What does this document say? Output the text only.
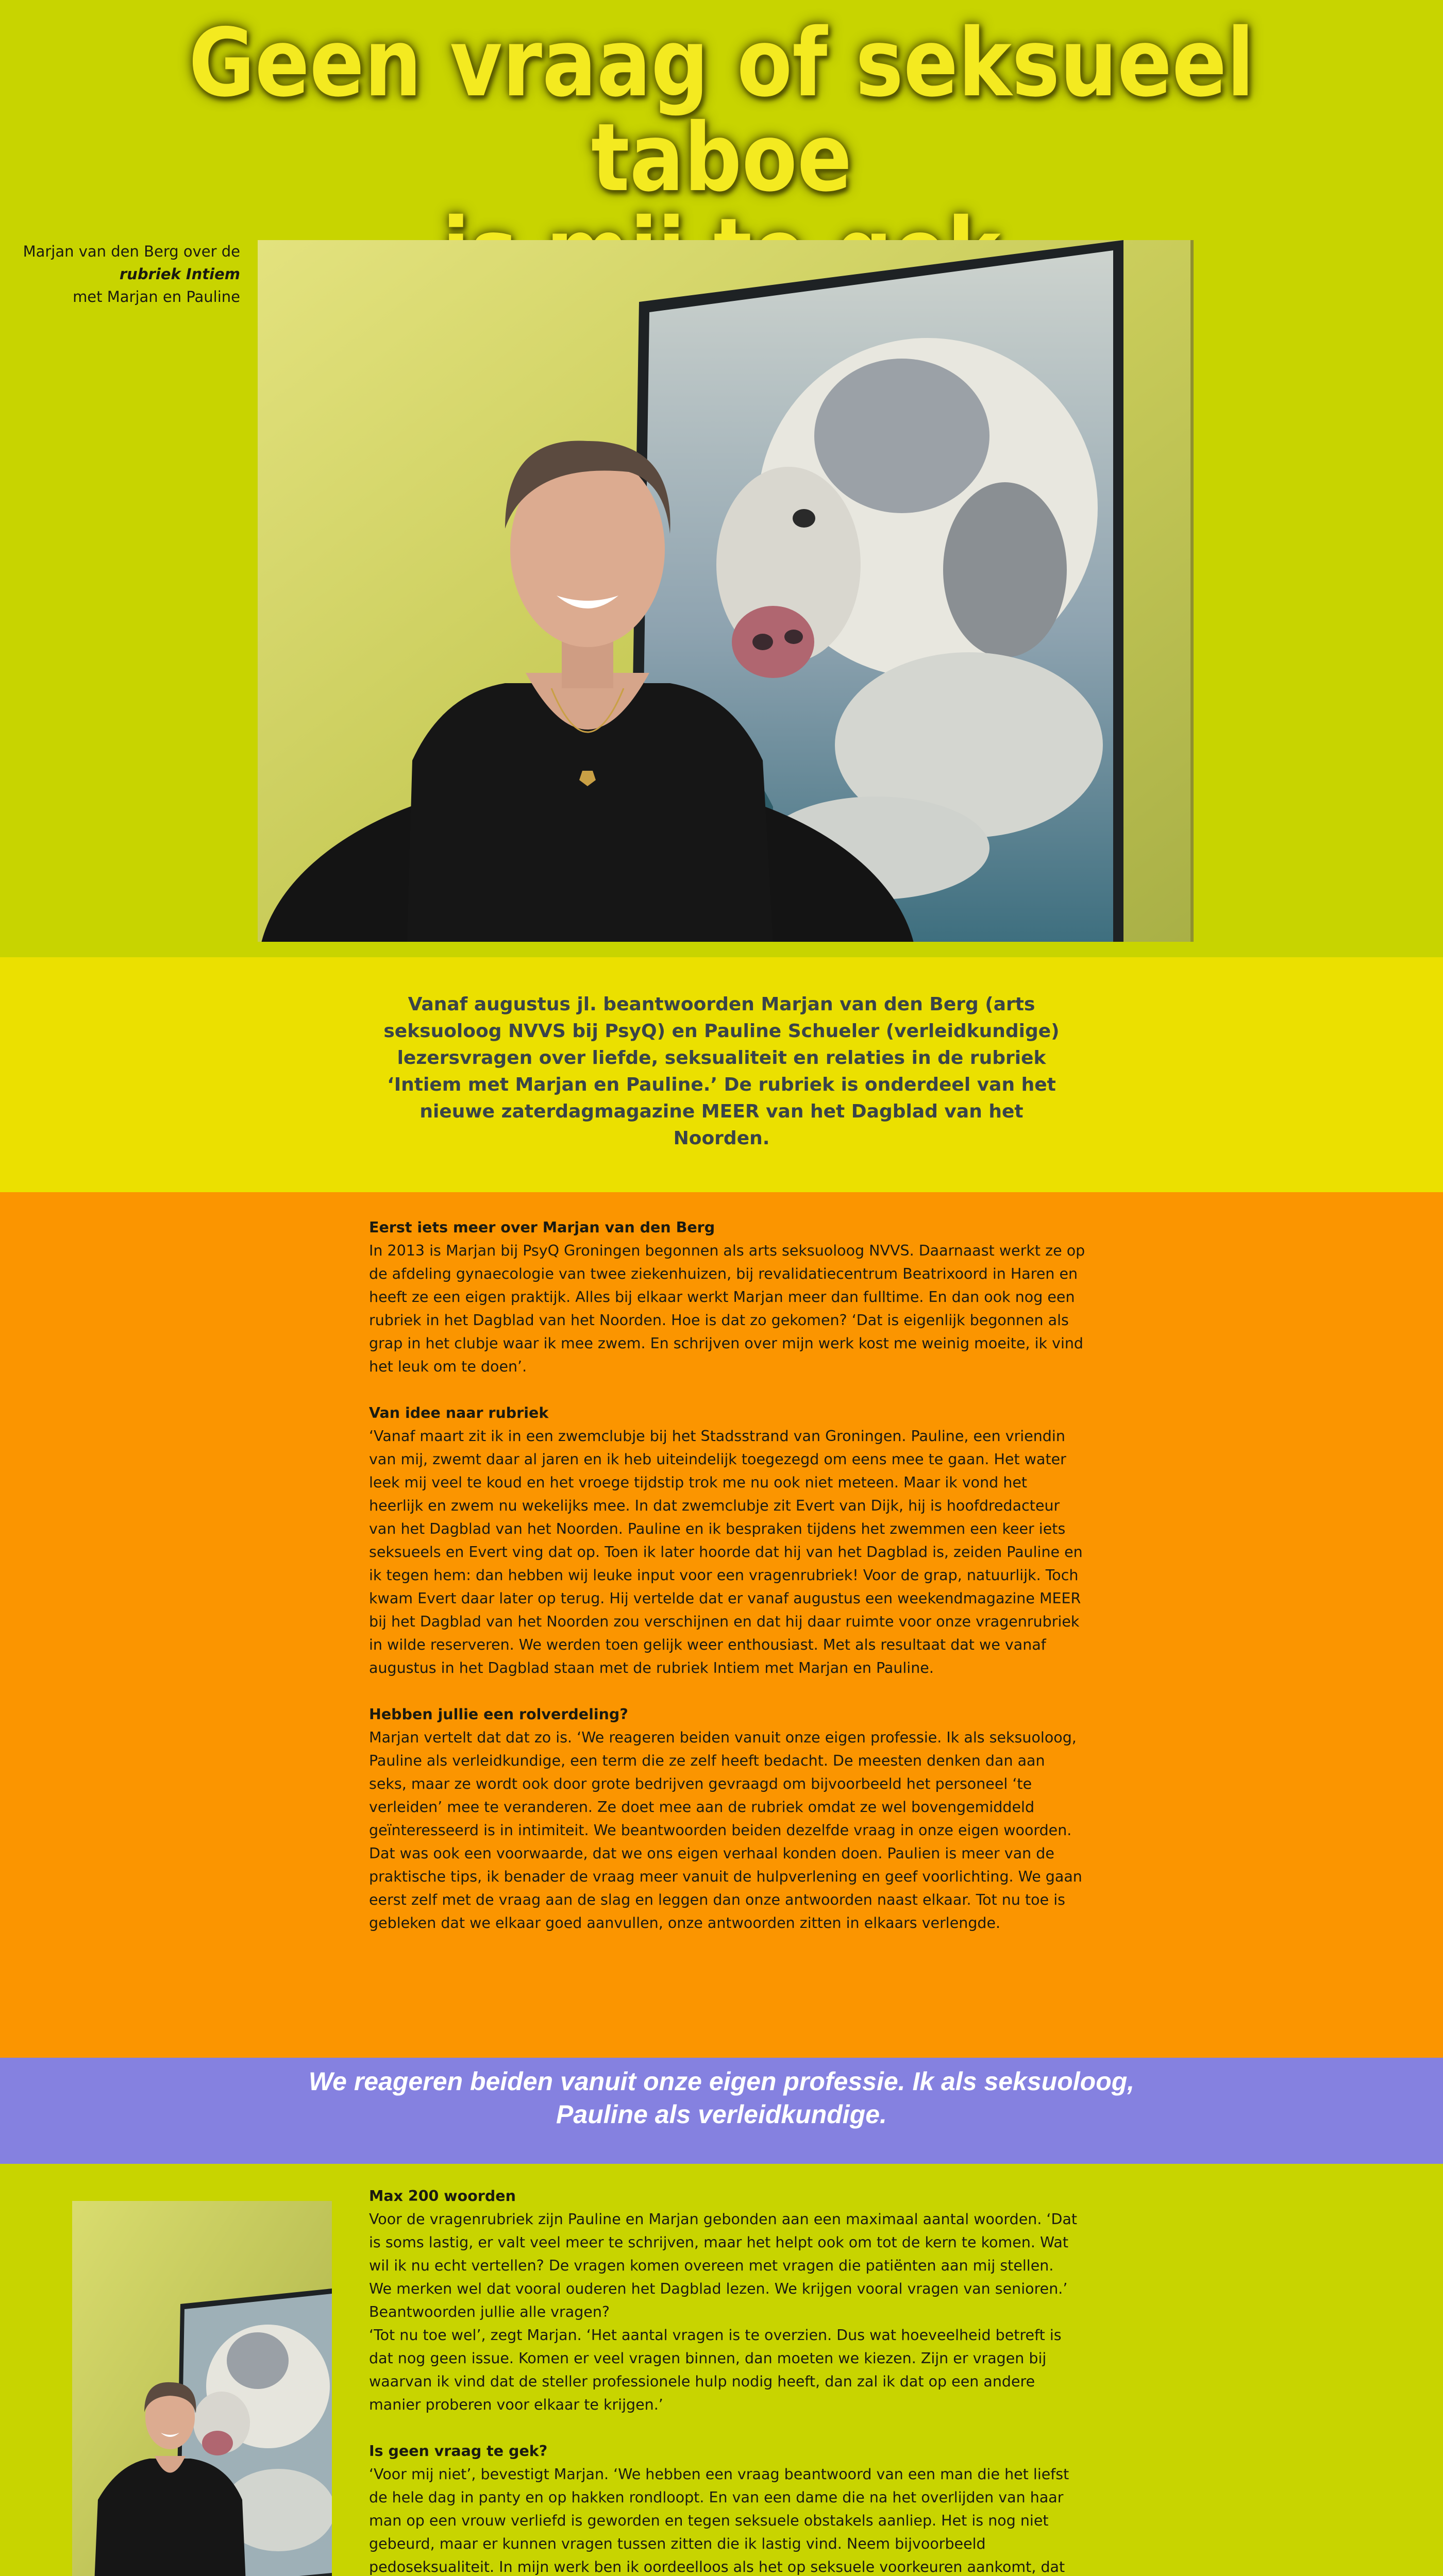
Geen vraag of seksueel taboe

Marjan van den Berg over de
rubriek Intiem
met Marjan en Pauline

Vanaf augustus jl. beantwoorden Marjan van den Berg (arts seksuoloog NVVS bij PsyQ) en Pauline Schueler (verleidkundige) lezersvragen over liefde, seksualiteit en relaties in de rubriek ‘Intiem met Marjan en Pauline.’ De rubriek is onderdeel van het nieuwe zaterdagmagazine MEER van het Dagblad van het Noorden.

Eerst iets meer over Marjan van den Berg

In 2013 is Marjan bij PsyQ Groningen begonnen als arts seksuoloog NVVS. Daarnaast werkt ze op de afdeling gynaecologie van twee ziekenhuizen, bij revalidatiecentrum Beatrixoord in Haren en heeft ze een eigen praktijk. Alles bij elkaar werkt Marjan meer dan fulltime. En dan ook nog een rubriek in het Dagblad van het Noorden. Hoe is dat zo gekomen? ‘Dat is eigenlijk begonnen als grap in het clubje waar ik mee zwem. En schrijven over mijn werk kost me weinig moeite, ik vind het leuk om te doen’.

Van idee naar rubriek

‘Vanaf maart zit ik in een zwemclubje bij het Stadsstrand van Groningen. Pauline, een vriendin van mij, zwemt daar al jaren en ik heb uiteindelijk toegezegd om eens mee te gaan. Het water leek mij veel te koud en het vroege tijdstip trok me nu ook niet meteen. Maar ik vond het heerlijk en zwem nu wekelijks mee. In dat zwemclubje zit Evert van Dijk, hij is hoofdredacteur van het Dagblad van het Noorden. Pauline en ik bespraken tijdens het zwemmen een keer iets seksueels en Evert ving dat op. Toen ik later hoorde dat hij van het Dagblad is, zeiden Pauline en ik tegen hem: dan hebben wij leuke input voor een vragenrubriek! Voor de grap, natuurlijk. Toch kwam Evert daar later op terug. Hij vertelde dat er vanaf augustus een weekendmagazine MEER bij het Dagblad van het Noorden zou verschijnen en dat hij daar ruimte voor onze vragenrubriek in wilde reserveren. We werden toen gelijk weer enthousiast. Met als resultaat dat we vanaf augustus in het Dagblad staan met de rubriek Intiem met Marjan en Pauline.

Hebben jullie een rolverdeling?

Marjan vertelt dat dat zo is. ‘We reageren beiden vanuit onze eigen professie. Ik als seksuoloog, Pauline als verleidkundige, een term die ze zelf heeft bedacht. De meesten denken dan aan seks, maar ze wordt ook door grote bedrijven gevraagd om bijvoorbeeld het personeel ‘te verleiden’ mee te veranderen. Ze doet mee aan de rubriek omdat ze wel bovengemiddeld geïnteresseerd is in intimiteit. We beantwoorden beiden dezelfde vraag in onze eigen woorden. Dat was ook een voorwaarde, dat we ons eigen verhaal konden doen. Paulien is meer van de praktische tips, ik benader de vraag meer vanuit de hulpverlening en geef voorlichting. We gaan eerst zelf met de vraag aan de slag en leggen dan onze antwoorden naast elkaar. Tot nu toe is gebleken dat we elkaar goed aanvullen, onze antwoorden zitten in elkaars verlengde.

We reageren beiden vanuit onze eigen professie. Ik als seksuoloog, Pauline als verleidkundige.
Max 200 woorden

Voor de vragenrubriek zijn Pauline en Marjan gebonden aan een maximaal aantal woorden. ‘Dat is soms lastig, er valt veel meer te schrijven, maar het helpt ook om tot de kern te komen. Wat wil ik nu echt vertellen? De vragen komen overeen met vragen die patiënten aan mij stellen. We merken wel dat vooral ouderen het Dagblad lezen. We krijgen vooral vragen van senioren.’

Beantwoorden jullie alle vragen?

‘Tot nu toe wel’, zegt Marjan. ‘Het aantal vragen is te overzien. Dus wat hoeveelheid betreft is dat nog geen issue. Komen er veel vragen binnen, dan moeten we kiezen. Zijn er vragen bij waarvan ik vind dat de steller professionele hulp nodig heeft, dan zal ik dat op een andere manier proberen voor elkaar te krijgen.’

Is geen vraag te gek?

‘Voor mij niet’, bevestigt Marjan. ‘We hebben een vraag beantwoord van een man die het liefst de hele dag in panty en op hakken rondloopt. En van een dame die na het overlijden van haar man op een vrouw verliefd is geworden en tegen seksuele obstakels aanliep. Het is nog niet gebeurd, maar er kunnen vragen tussen zitten die ik lastig vind. Neem bijvoorbeeld pedoseksualiteit. In mijn werk ben ik oordeelloos als het op seksuele voorkeuren aankomt, dat
